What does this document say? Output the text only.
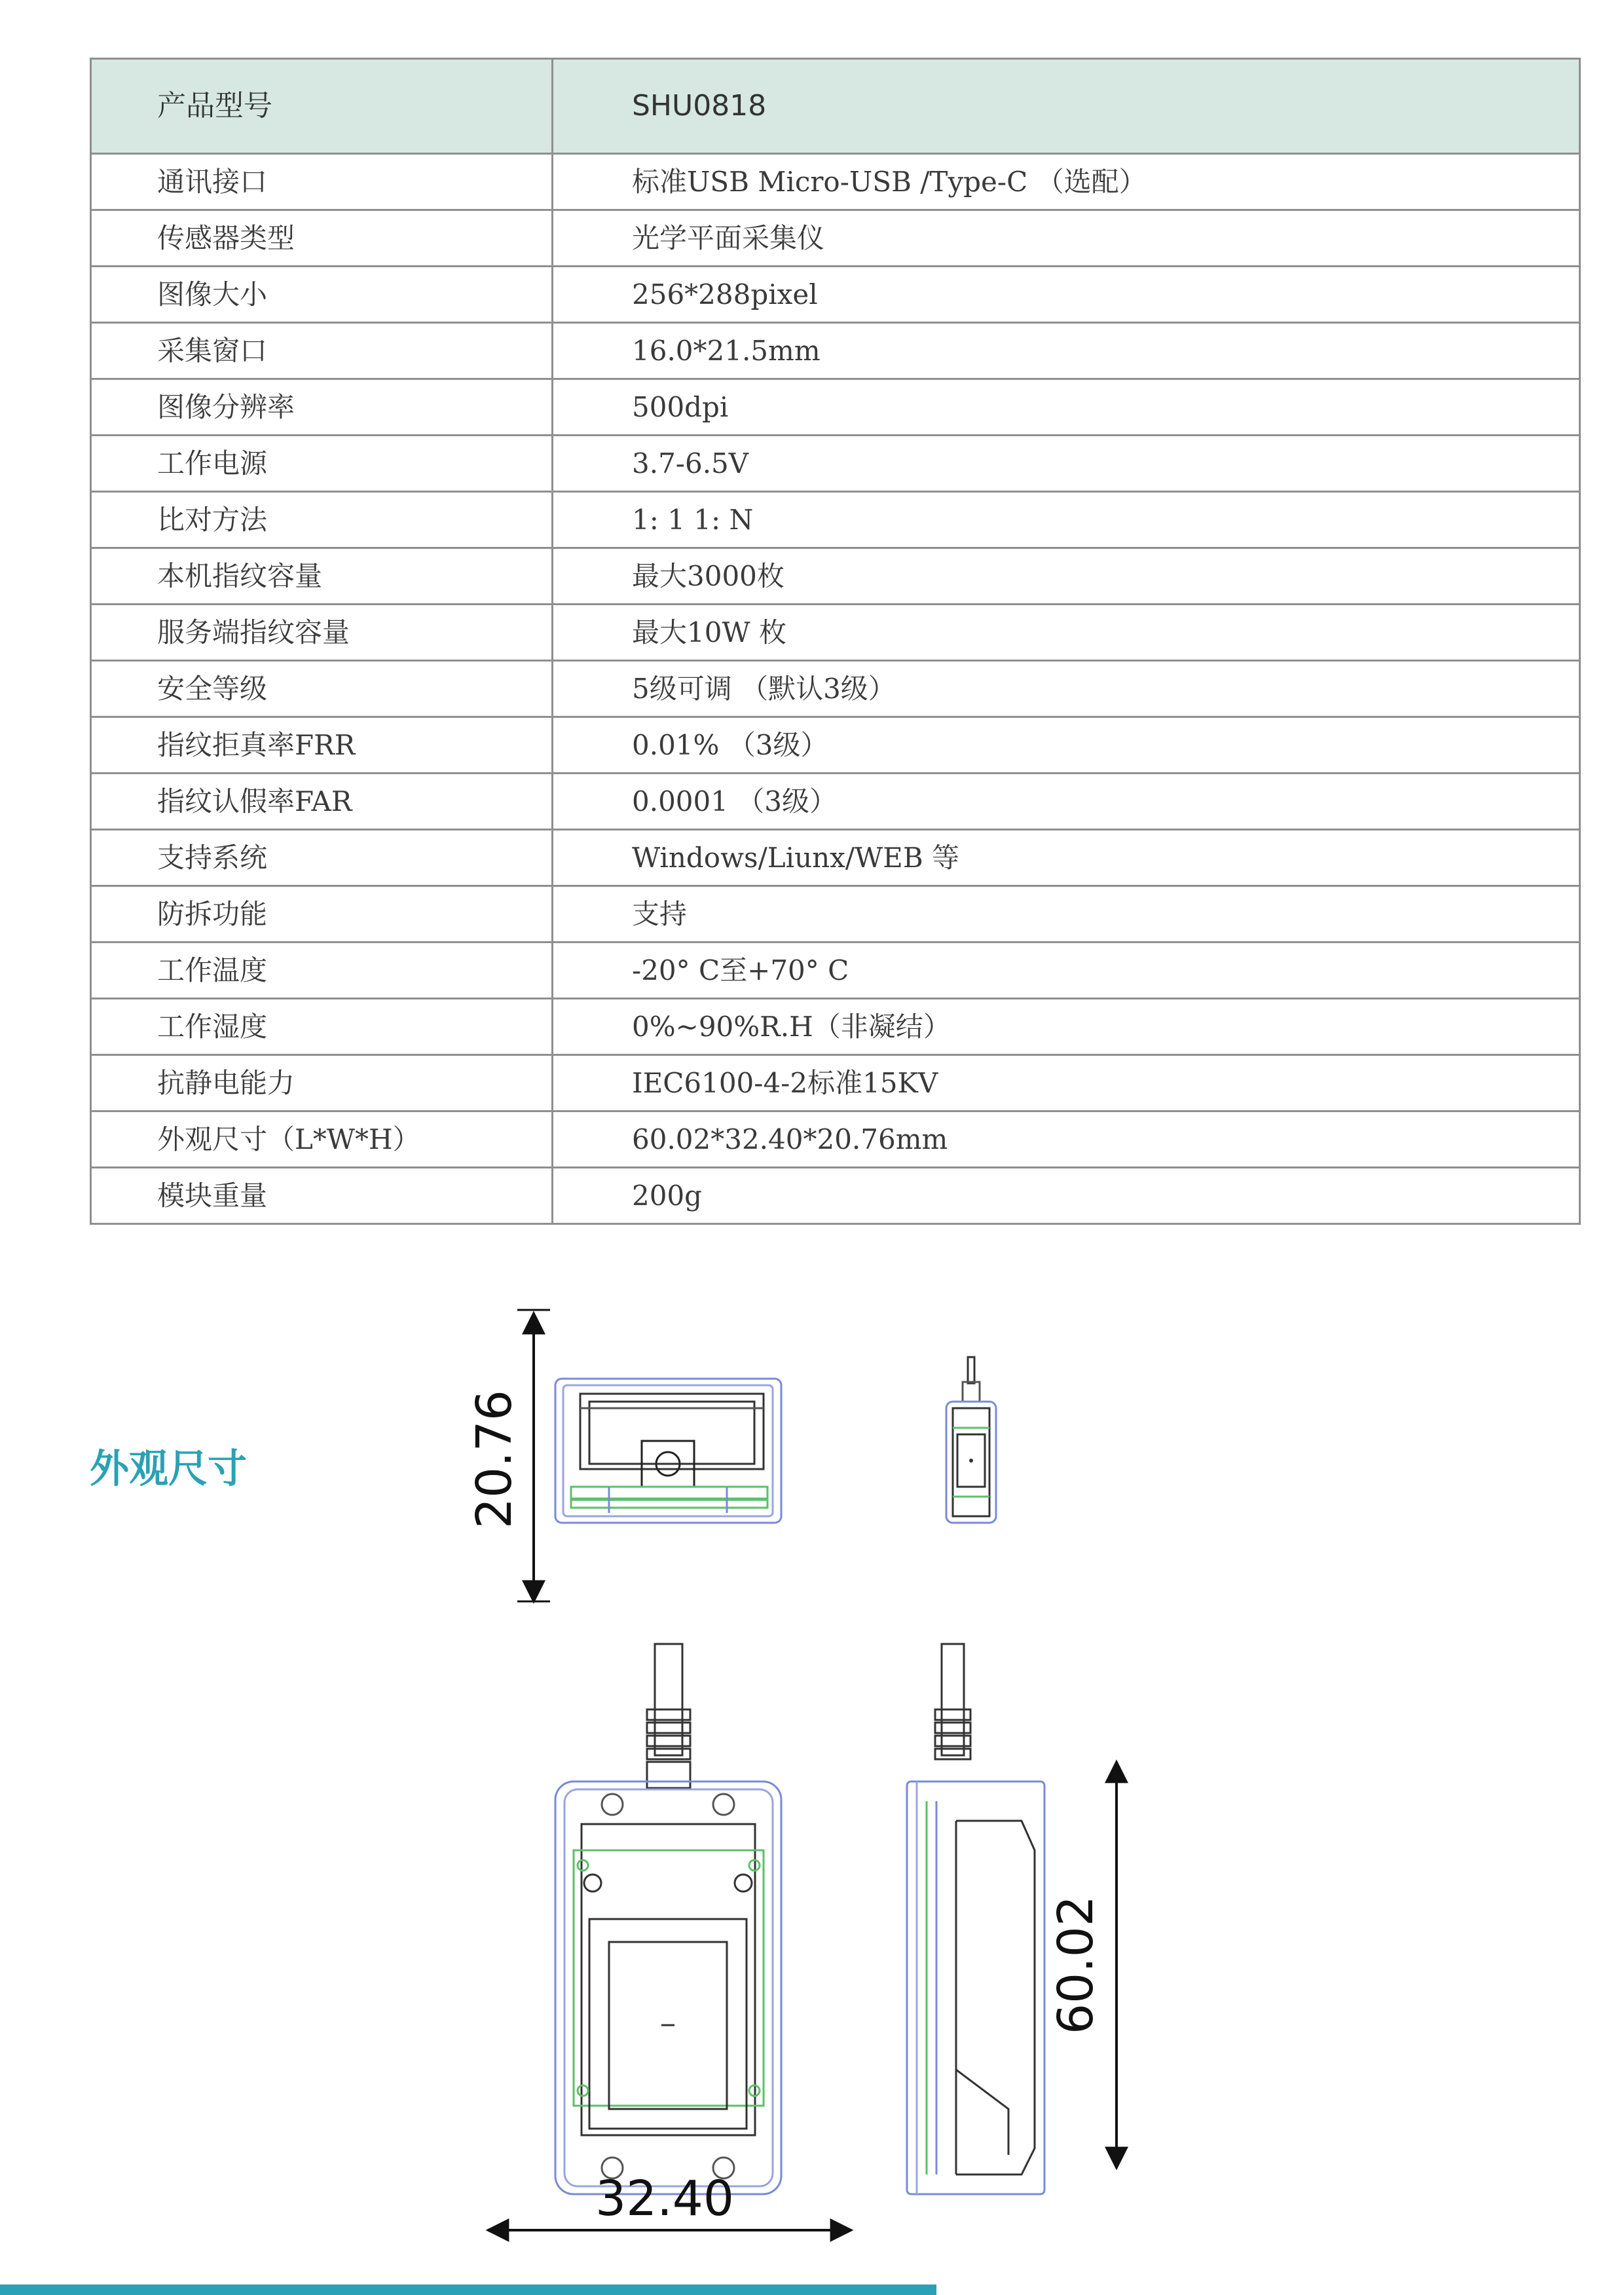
产品型号	SHU0818
通讯接口	标准USB Micro-USB /Type-C （选配）
传感器类型	光学平面采集仪
图像大小	256*288pixel
采集窗口	16.0*21.5mm
图像分辨率	500dpi
工作电源	3.7-6.5V
比对方法	1: 1 1: N
本机指纹容量	最大3000枚
服务端指纹容量	最大10W 枚
安全等级	5级可调 （默认3级）
指纹拒真率FRR	0.01% （3级）
指纹认假率FAR	0.0001 （3级）
支持系统	Windows/Liunx/WEB 等
防拆功能	支持
工作温度	-20° C至+70° C
工作湿度	0%~90%R.H（非凝结）
抗静电能力	IEC6100-4-2标准15KV
外观尺寸（L*W*H）	60.02*32.40*20.76mm
模块重量	200g
外观尺寸	20.76
60.02
32.40
